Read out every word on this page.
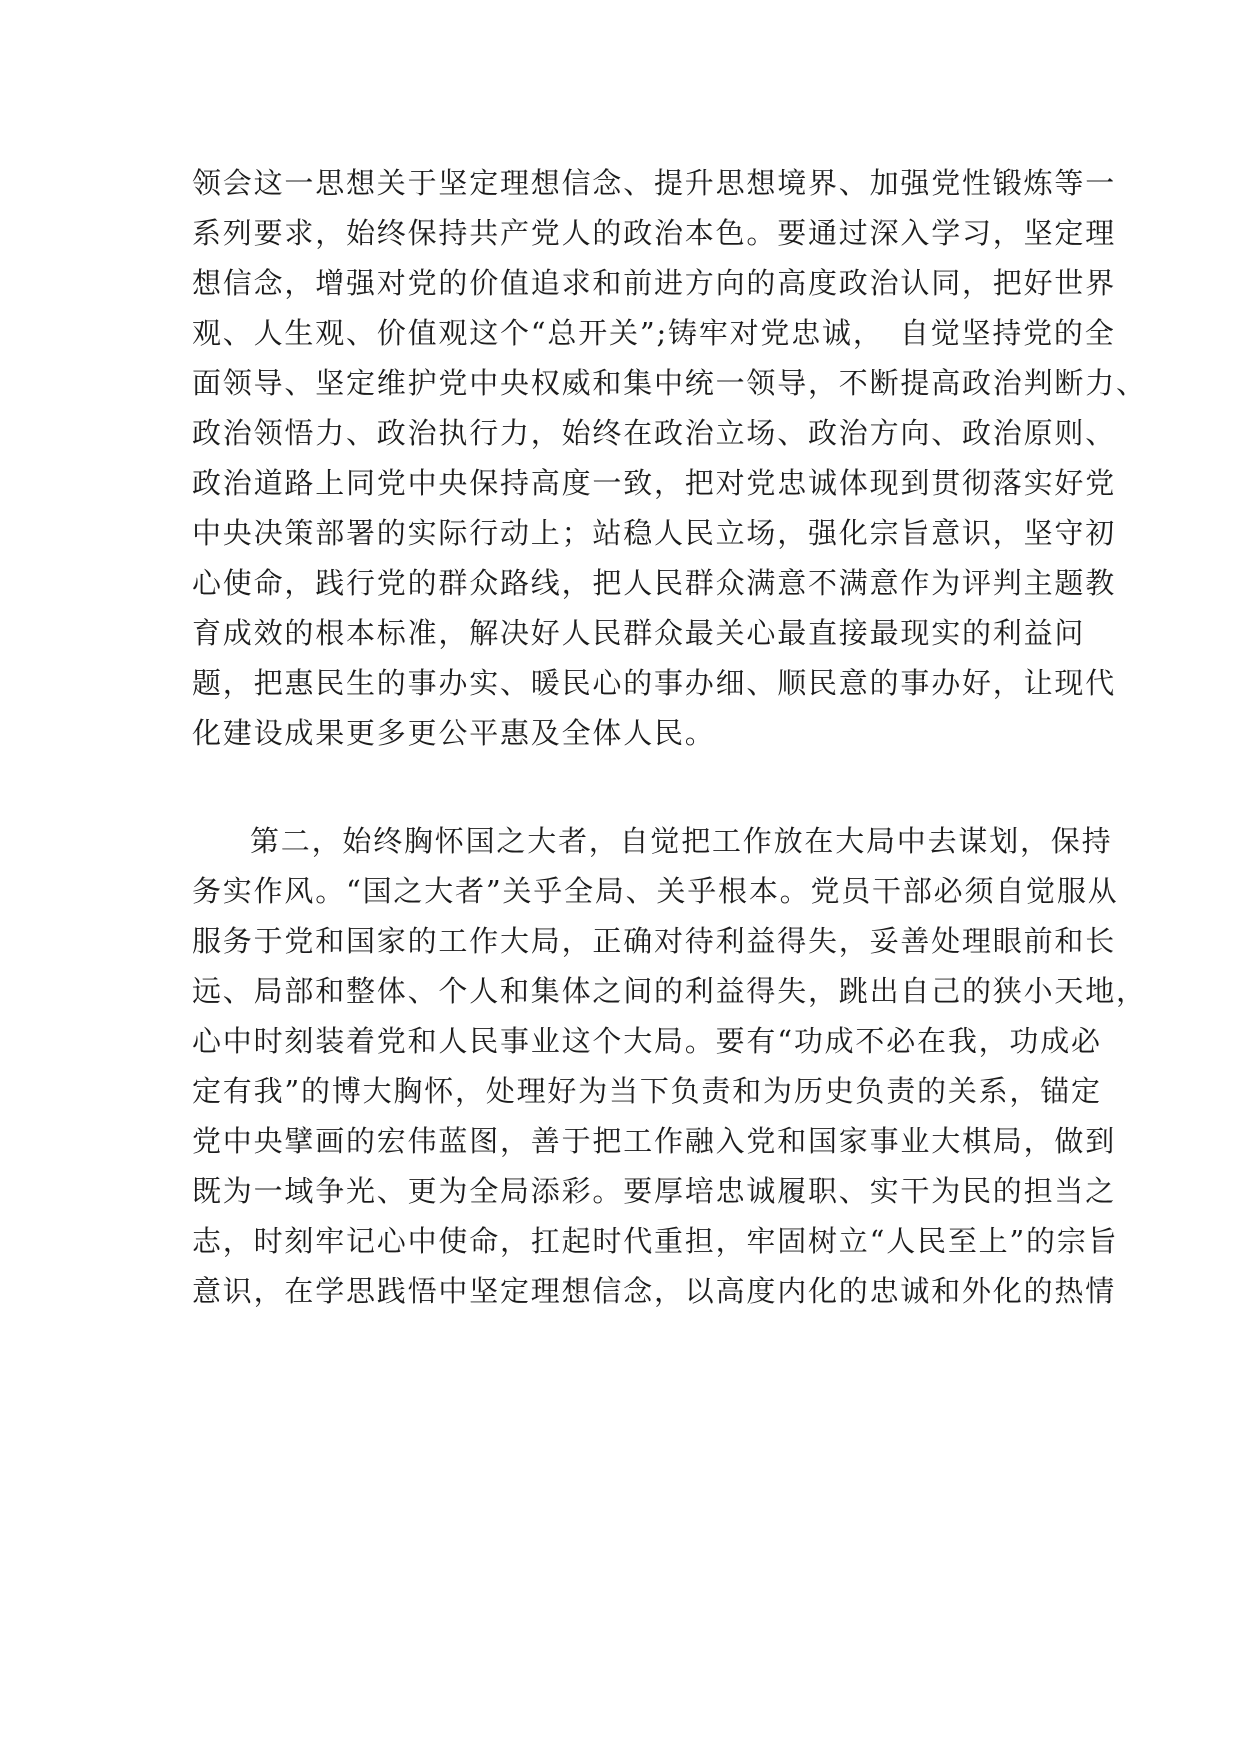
领会这一思想关于坚定理想信念、提升思想境界、加强党性锻炼等一
系列要求，始终保持共产党人的政治本色。要通过深入学习，坚定理
想信念，增强对党的价值追求和前进方向的高度政治认同，把好世界
观、人生观、价值观这个“总开关”;铸牢对党忠诚，　自觉坚持党的全
面领导、坚定维护党中央权威和集中统一领导，不断提高政治判断力、
政治领悟力、政治执行力，始终在政治立场、政治方向、政治原则、
政治道路上同党中央保持高度一致，把对党忠诚体现到贯彻落实好党
中央决策部署的实际行动上；站稳人民立场，强化宗旨意识，坚守初
心使命，践行党的群众路线，把人民群众满意不满意作为评判主题教
育成效的根本标准，解决好人民群众最关心最直接最现实的利益问
题，把惠民生的事办实、暖民心的事办细、顺民意的事办好，让现代
化建设成果更多更公平惠及全体人民。
第二，始终胸怀国之大者，自觉把工作放在大局中去谋划，保持
务实作风。“国之大者”关乎全局、关乎根本。党员干部必须自觉服从
服务于党和国家的工作大局，正确对待利益得失，妥善处理眼前和长
远、局部和整体、个人和集体之间的利益得失，跳出自己的狭小天地，
心中时刻装着党和人民事业这个大局。要有“功成不必在我，功成必
定有我”的博大胸怀，处理好为当下负责和为历史负责的关系，锚定
党中央擘画的宏伟蓝图，善于把工作融入党和国家事业大棋局，做到
既为一域争光、更为全局添彩。要厚培忠诚履职、实干为民的担当之
志，时刻牢记心中使命，扛起时代重担，牢固树立“人民至上”的宗旨
意识，在学思践悟中坚定理想信念，以高度内化的忠诚和外化的热情
